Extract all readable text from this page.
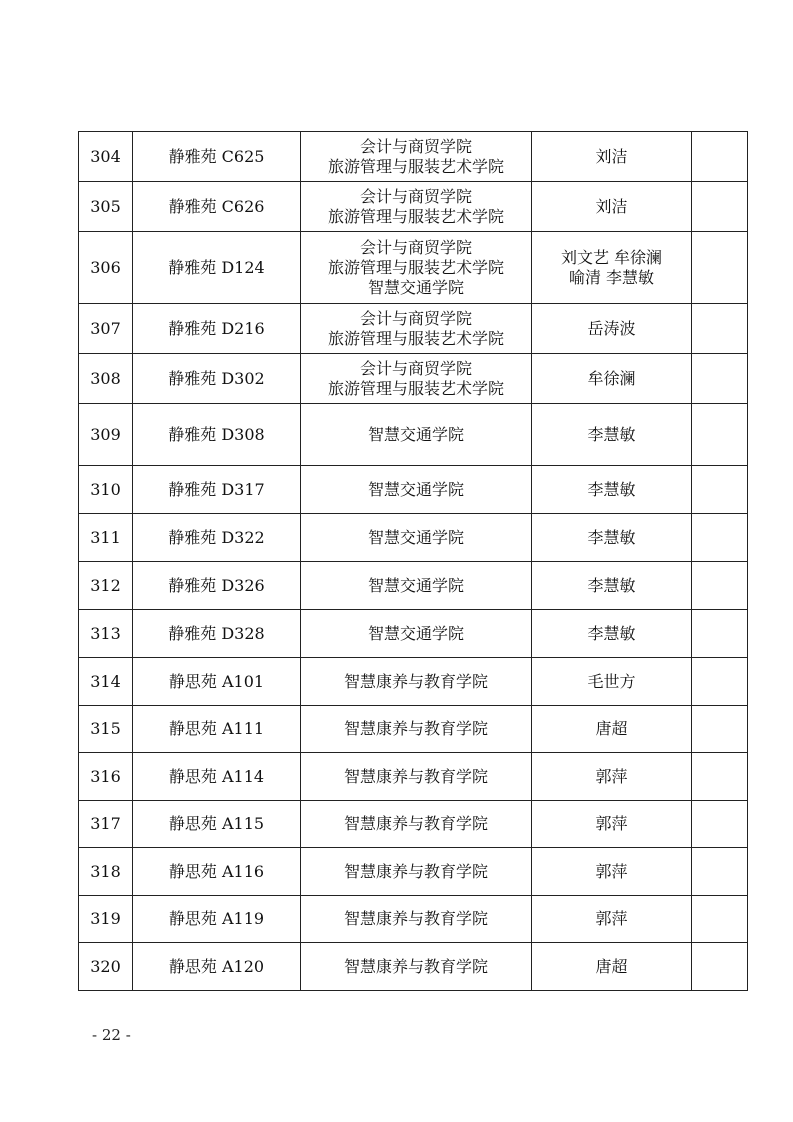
304	静雅苑 C625	会计与商贸学院
旅游管理与服装艺术学院	刘洁	

305	静雅苑 C626	会计与商贸学院
旅游管理与服装艺术学院	刘洁	

306	静雅苑 D124	会计与商贸学院
旅游管理与服装艺术学院
智慧交通学院	刘文艺 牟徐澜
喻清 李慧敏	

307	静雅苑 D216	会计与商贸学院
旅游管理与服装艺术学院	岳涛波	

308	静雅苑 D302	会计与商贸学院
旅游管理与服装艺术学院	牟徐澜	

309	静雅苑 D308	智慧交通学院	李慧敏	

310	静雅苑 D317	智慧交通学院	李慧敏	

311	静雅苑 D322	智慧交通学院	李慧敏	

312	静雅苑 D326	智慧交通学院	李慧敏	

313	静雅苑 D328	智慧交通学院	李慧敏	

314	静思苑 A101	智慧康养与教育学院	毛世方	

315	静思苑 A111	智慧康养与教育学院	唐超	

316	静思苑 A114	智慧康养与教育学院	郭萍	

317	静思苑 A115	智慧康养与教育学院	郭萍	

318	静思苑 A116	智慧康养与教育学院	郭萍	

319	静思苑 A119	智慧康养与教育学院	郭萍	

320	静思苑 A120	智慧康养与教育学院	唐超	

- 22 -
